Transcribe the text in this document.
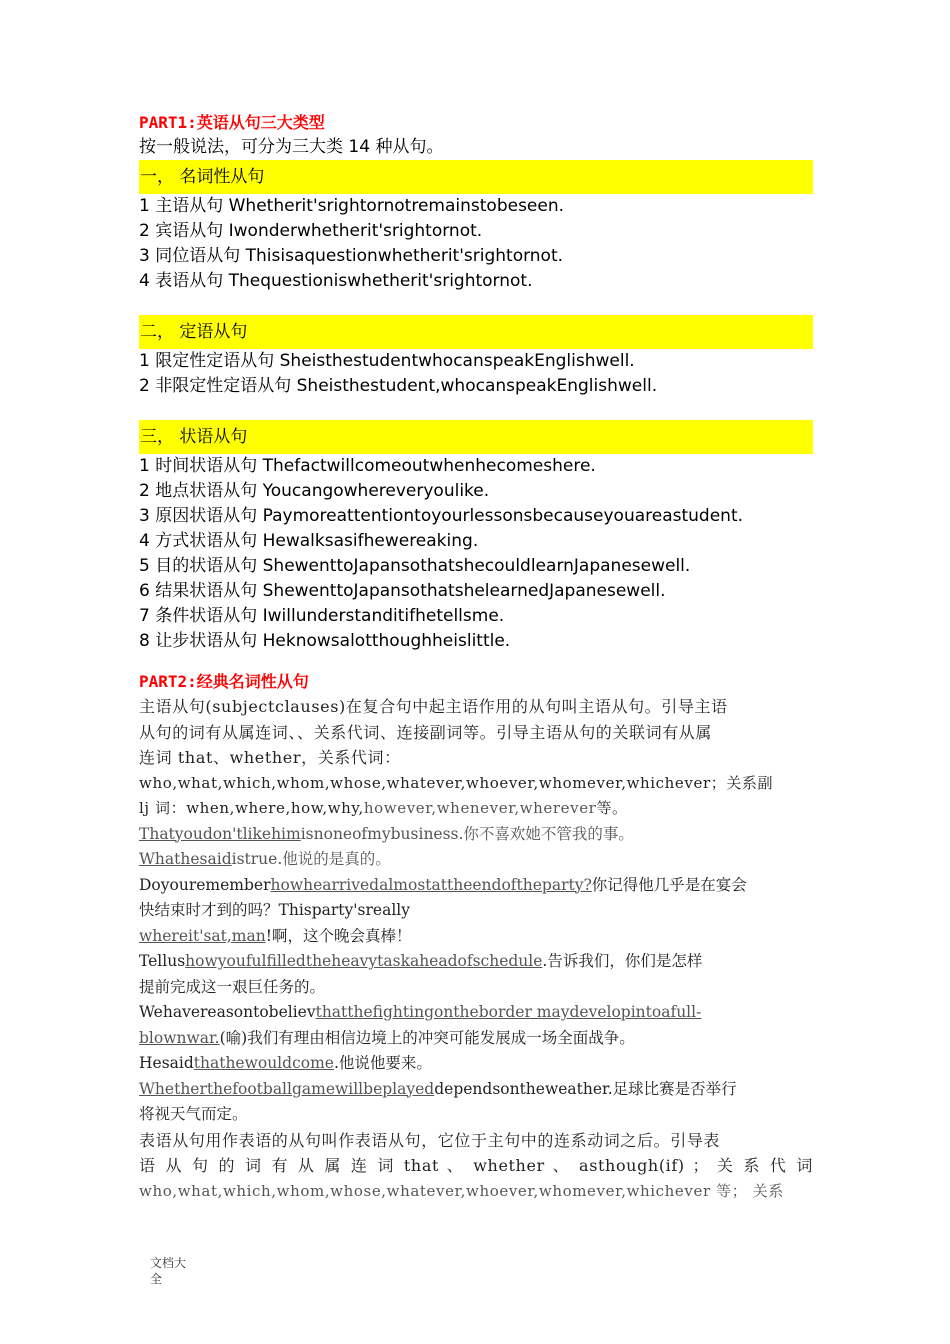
PART1:英语从句三大类型
按一般说法，可分为三大类 14 种从句。
一， 名词性从句
1 主语从句 Whetherit'srightornotremainstobeseen.
2 宾语从句 Iwonderwhetherit'srightornot.
3 同位语从句 Thisisaquestionwhetherit'srightornot.
4 表语从句 Thequestioniswhetherit'srightornot.
二， 定语从句
1 限定性定语从句 SheisthestudentwhocanspeakEnglishwell.
2 非限定性定语从句 Sheisthestudent,whocanspeakEnglishwell.
三， 状语从句
1 时间状语从句 Thefactwillcomeoutwhenhecomeshere.
2 地点状语从句 Youcangowhereveryoulike.
3 原因状语从句 Paymoreattentiontoyourlessonsbecauseyouareastudent.
4 方式状语从句 Hewalksasifhewereaking.
5 目的状语从句 ShewenttoJapansothatshecouldlearnJapanesewell.
6 结果状语从句 ShewenttoJapansothatshelearnedJapanesewell.
7 条件状语从句 Iwillunderstanditifhetellsme.
8 让步状语从句 Heknowsalotthoughheislittle.
PART2:经典名词性从句
主语从句(subjectclauses)在复合句中起主语作用的从句叫主语从句。引导主语
从句的词有从属连词、、关系代词、连接副词等。引导主语从句的关联词有从属
连词 that、whether，关系代词：
who,what,which,whom,whose,whatever,whoever,whomever,whichever；关系副
lj 词：when,where,how,why,however,whenever,wherever等。
Thatyoudon'tlikehimisnoneofmybusiness.你不喜欢她不管我的事。
Whathesaidistrue.他说的是真的。
Doyourememberhowhearrivedalmostattheendoftheparty?你记得他几乎是在宴会
快结束时才到的吗？Thisparty'sreally
whereit'sat,man!啊，这个晚会真棒！
Tellushowyoufulfilledtheheavytaskaheadofschedule.告诉我们，你们是怎样
提前完成这一艰巨任务的。
Wehavereasontobelievthatthefightingontheborder maydevelopintoafull-
blownwar.(喻)我们有理由相信边境上的冲突可能发展成一场全面战争。
Hesaidthathewouldcome.他说他要来。
Whetherthefootballgamewillbeplayeddependsontheweather.足球比赛是否举行
将视天气而定。
表语从句用作表语的从句叫作表语从句，它位于主句中的连系动词之后。引导表
语 从 句 的 词 有 从 属 连 词 that 、 whether 、 asthough(if) ； 关 系 代 词
who,what,which,whom,whose,whatever,whoever,whomever,whichever 等； 关系
文档大全
